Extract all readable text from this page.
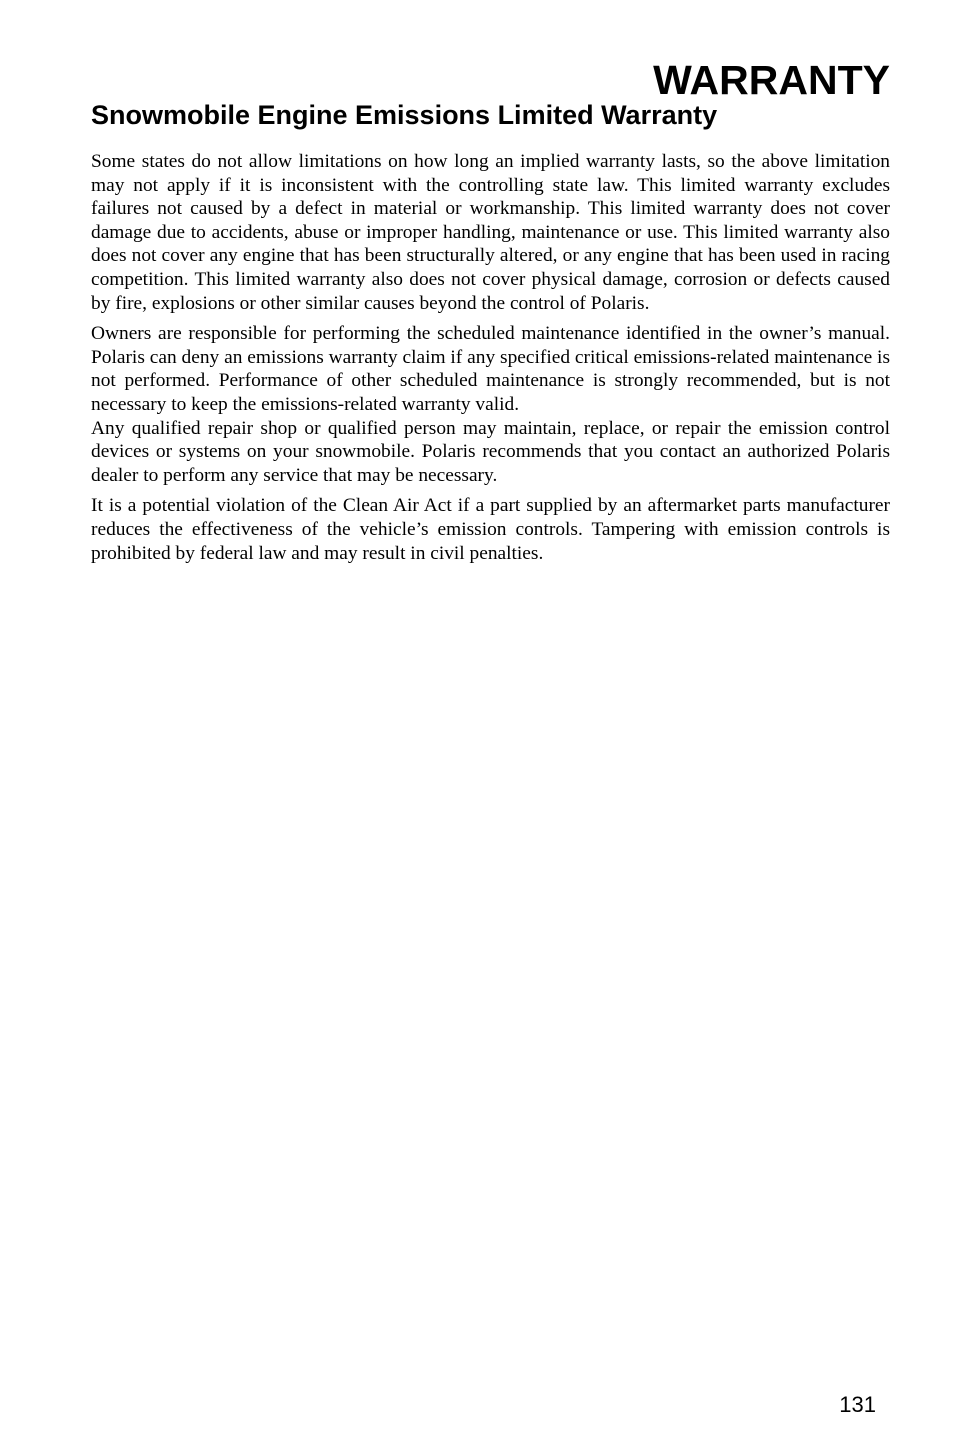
WARRANTY
Snowmobile Engine Emissions Limited Warranty

Some states do not allow limitations on how long an implied warranty lasts, so the above limitation may not apply if it is inconsistent with the controlling state law. This limited warranty excludes failures not caused by a defect in material or workmanship. This limited warranty does not cover damage due to accidents, abuse or improper handling, maintenance or use. This limited warranty also does not cover any engine that has been structurally altered, or any engine that has been used in racing competition. This limited warranty also does not cover physical damage, corrosion or defects caused by fire, explosions or other similar causes beyond the control of Polaris.

Owners are responsible for performing the scheduled maintenance identified in the owner’s manual. Polaris can deny an emissions warranty claim if any specified critical emissions-related maintenance is not performed. Performance of other scheduled maintenance is strongly recommended, but is not necessary to keep the emissions-related warranty valid.

Any qualified repair shop or qualified person may maintain, replace, or repair the emission control devices or systems on your snowmobile. Polaris recommends that you contact an authorized Polaris dealer to perform any service that may be necessary.

It is a potential violation of the Clean Air Act if a part supplied by an aftermarket parts manufacturer reduces the effectiveness of the vehicle’s emission controls. Tampering with emission controls is prohibited by federal law and may result in civil penalties.

131
